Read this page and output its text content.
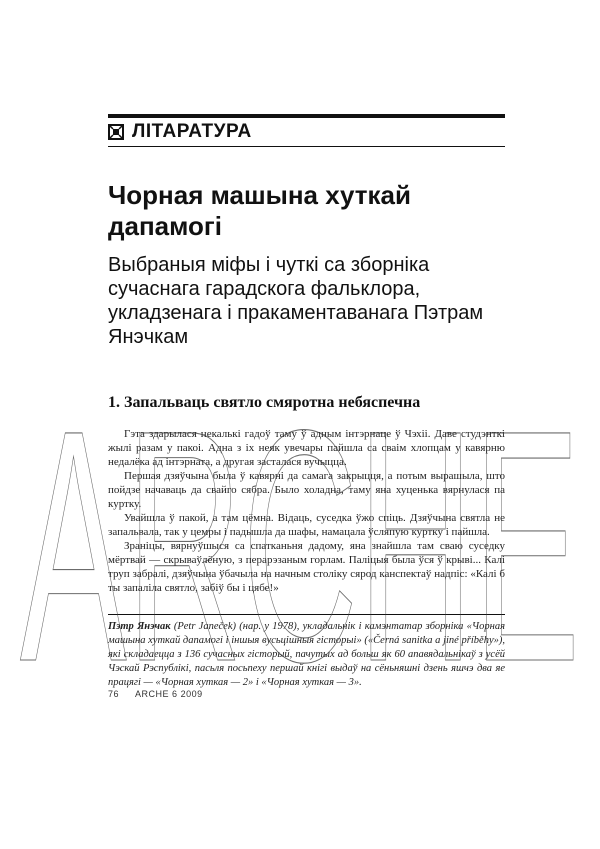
ЛІТАРАТУРА
Чорная машына хуткай дапамогі

Выбраныя міфы і чуткі са зборніка сучаснага гарадскога фальклора, укладзенага і пракаментаванага Пэтрам Янэчкам

1. Запальваць святло смяротна небяспечна

Гэта здарылася некалькі гадоў таму ў адным інтэрнаце ў Чэхіі. Даве студэнткі жылі разам у пакоі. Адна з іх неяк увечары пайшла са сваім хлопцам у кавярню недалёка ад інтэрната, а другая засталася вучыцца.

Першая дзяўчына была ў кавярні да самага закрыцця, а потым вырашыла, што пойдзе начаваць да свайго сябра. Было холадна, таму яна хуценька вярнулася па куртку.

Увайшла ў пакой, а там цёмна. Відаць, суседка ўжо спіць. Дзяўчына святла не запальвала, так у цемры і падышла да шафы, намацала ўсляпую куртку і пайшла.

Зраніцы, вярнуўшыся са спатканьня дадому, яна знайшла там сваю суседку мёртвай — скрываўлёную, з перарэзаным горлам. Паліцыя была ўся ў крыві... Калі труп забралі, дзяўчына ўбачыла на начным століку сярод канспектаў надпіс: «Калі б ты запаліла святло, забіў бы і цябе!»

Пэтр Янэчак (Petr Janeček) (нар. у 1978), укладальнік і камэнтатар зборніка «Чорная машына хуткай дапамогі і іншыя вусьцішныя гісторыі» («Černá sanitka a jiné příběhy»), які складаецца з 136 сучасных гісторый, пачутых ад больш як 60 апавядальнікаў з усёй Чэскай Рэспублікі, пасьля посьпеху першай кнігі выдаў на сёньняшні дзень яшчэ два яе працягі — «Чорная хуткая — 2» і «Чорная хуткая — 3».

76 ARCHE 6 2009
ARCHE
